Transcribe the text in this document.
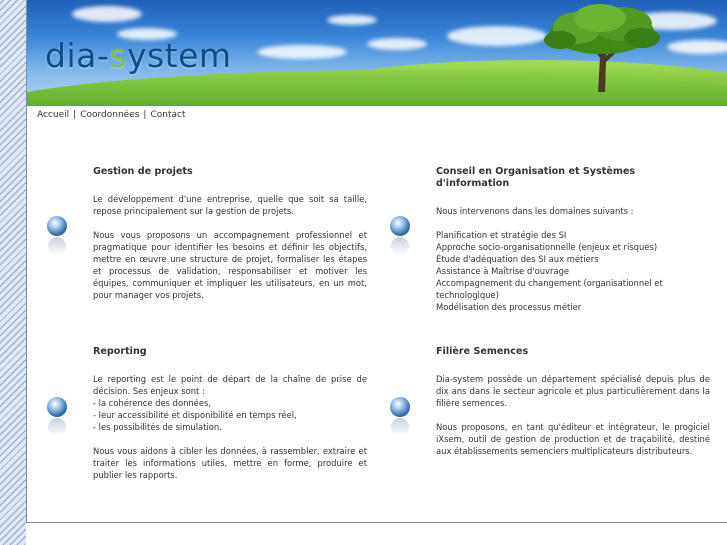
dia-system
Accueil | Coordonnées | Contact
Gestion de projets

Le développement d'une entreprise, quelle que soit sa taille, repose principalement sur la gestion de projets.

Nous vous proposons un accompagnement professionnel et pragmatique pour identifier les besoins et définir les objectifs, mettre en œuvre une structure de projet, formaliser les étapes et processus de validation, responsabiliser et motiver les équipes, communiquer et impliquer les utilisateurs, en un mot, pour manager vos projets.

Conseil en Organisation et Systèmes d'information

Nous intervenons dans les domaines suivants :

Planification et stratégie des SI
Approche socio-organisationnelle (enjeux et risques)
Étude d'adéquation des SI aux métiers
Assistance à Maîtrise d'ouvrage
Accompagnement du changement (organisationnel et
technologique)
Modélisation des processus métier
Reporting

Le reporting est le point de départ de la chaîne de prise de décision. Ses enjeux sont :

- la cohérence des données,
- leur accessibilité et disponibilité en temps réel,
- les possibilités de simulation.

Nous vous aidons à cibler les données, à rassembler, extraire et traiter les informations utiles, mettre en forme, produire et publier les rapports.

Filière Semences

Dia-system possède un département spécialisé depuis plus de dix ans dans le secteur agricole et plus particulièrement dans la filière semences.

Nous proposons, en tant qu'éditeur et intégrateur, le progiciel iXsem, outil de gestion de production et de traçabilité, destiné aux établissements semenciers multiplicateurs distributeurs.
